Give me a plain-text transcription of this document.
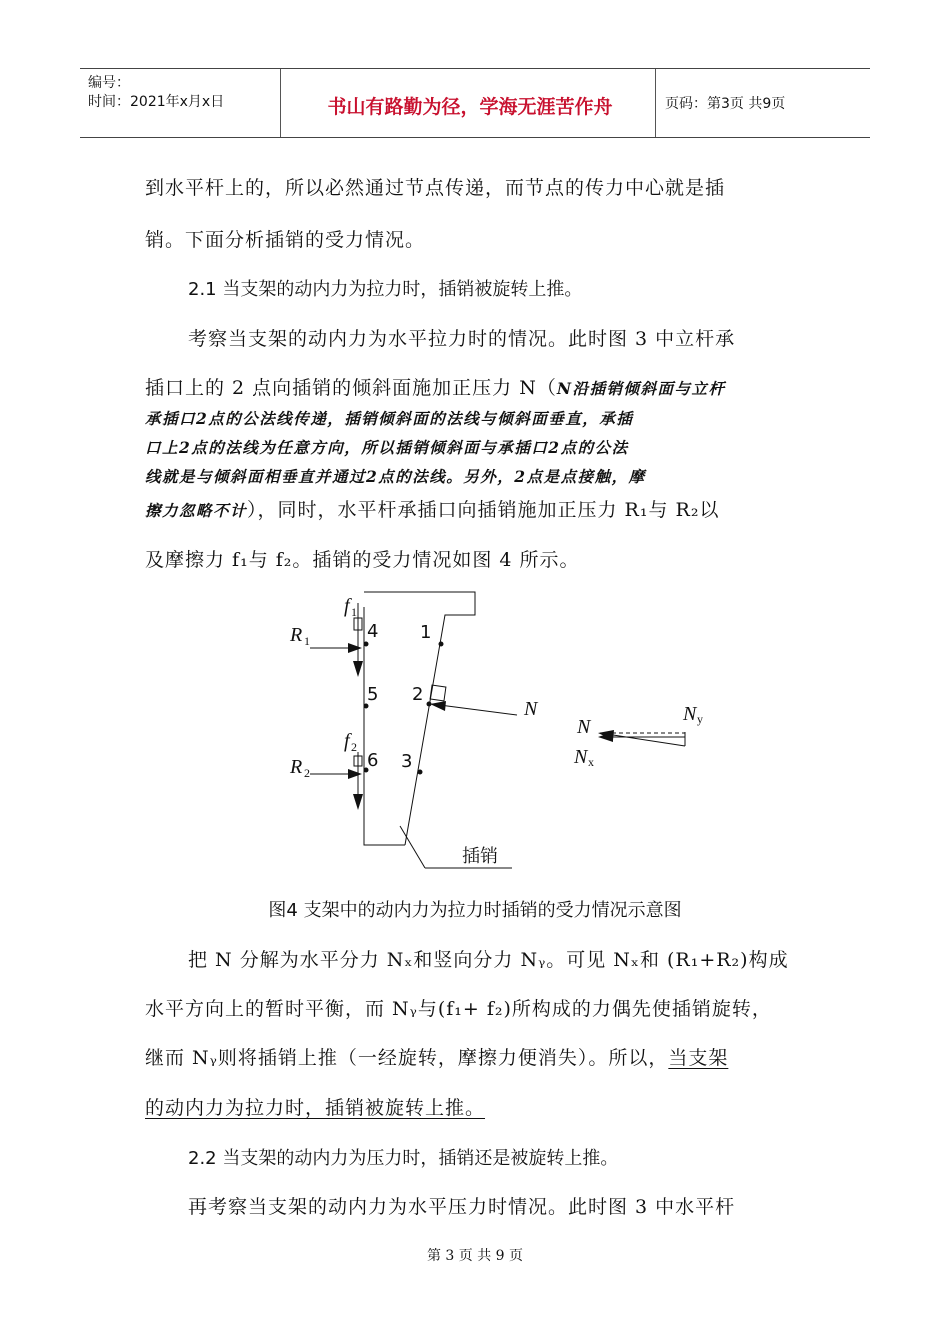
编号：
时间：2021年x月x日	书山有路勤为径，学海无涯苦作舟	页码：第3页 共9页
到水平杆上的，所以必然通过节点传递，而节点的传力中心就是插
销。下面分析插销的受力情况。
2.1 当支架的动内力为拉力时，插销被旋转上推。
考察当支架的动内力为水平拉力时的情况。此时图 3 中立杆承
插口上的 2 点向插销的倾斜面施加正压力 N（N沿插销倾斜面与立杆
承插口2点的公法线传递，插销倾斜面的法线与倾斜面垂直，承插
口上2点的法线为任意方向，所以插销倾斜面与承插口2点的公法
线就是与倾斜面相垂直并通过2点的法线。另外，2点是点接触，摩
擦力忽略不计），同时，水平杆承插口向插销施加正压力 R₁与 R₂以
及摩擦力 f₁与 f₂。插销的受力情况如图 4 所示。
1
2
3
4
5
6
R 1
R 2
f 1
f 2
N
N
N x
N y
插销
图4 支架中的动内力为拉力时插销的受力情况示意图
把 N 分解为水平分力 Nₓ和竖向分力 Nᵧ。可见 Nₓ和 (R₁+R₂)构成
水平方向上的暂时平衡，而 Nᵧ与(f₁+ f₂)所构成的力偶先使插销旋转，
继而 Nᵧ则将插销上推（一经旋转，摩擦力便消失）。所以，当支架
的动内力为拉力时，插销被旋转上推。
2.2 当支架的动内力为压力时，插销还是被旋转上推。
再考察当支架的动内力为水平压力时情况。此时图 3 中水平杆
第 3 页 共 9 页
